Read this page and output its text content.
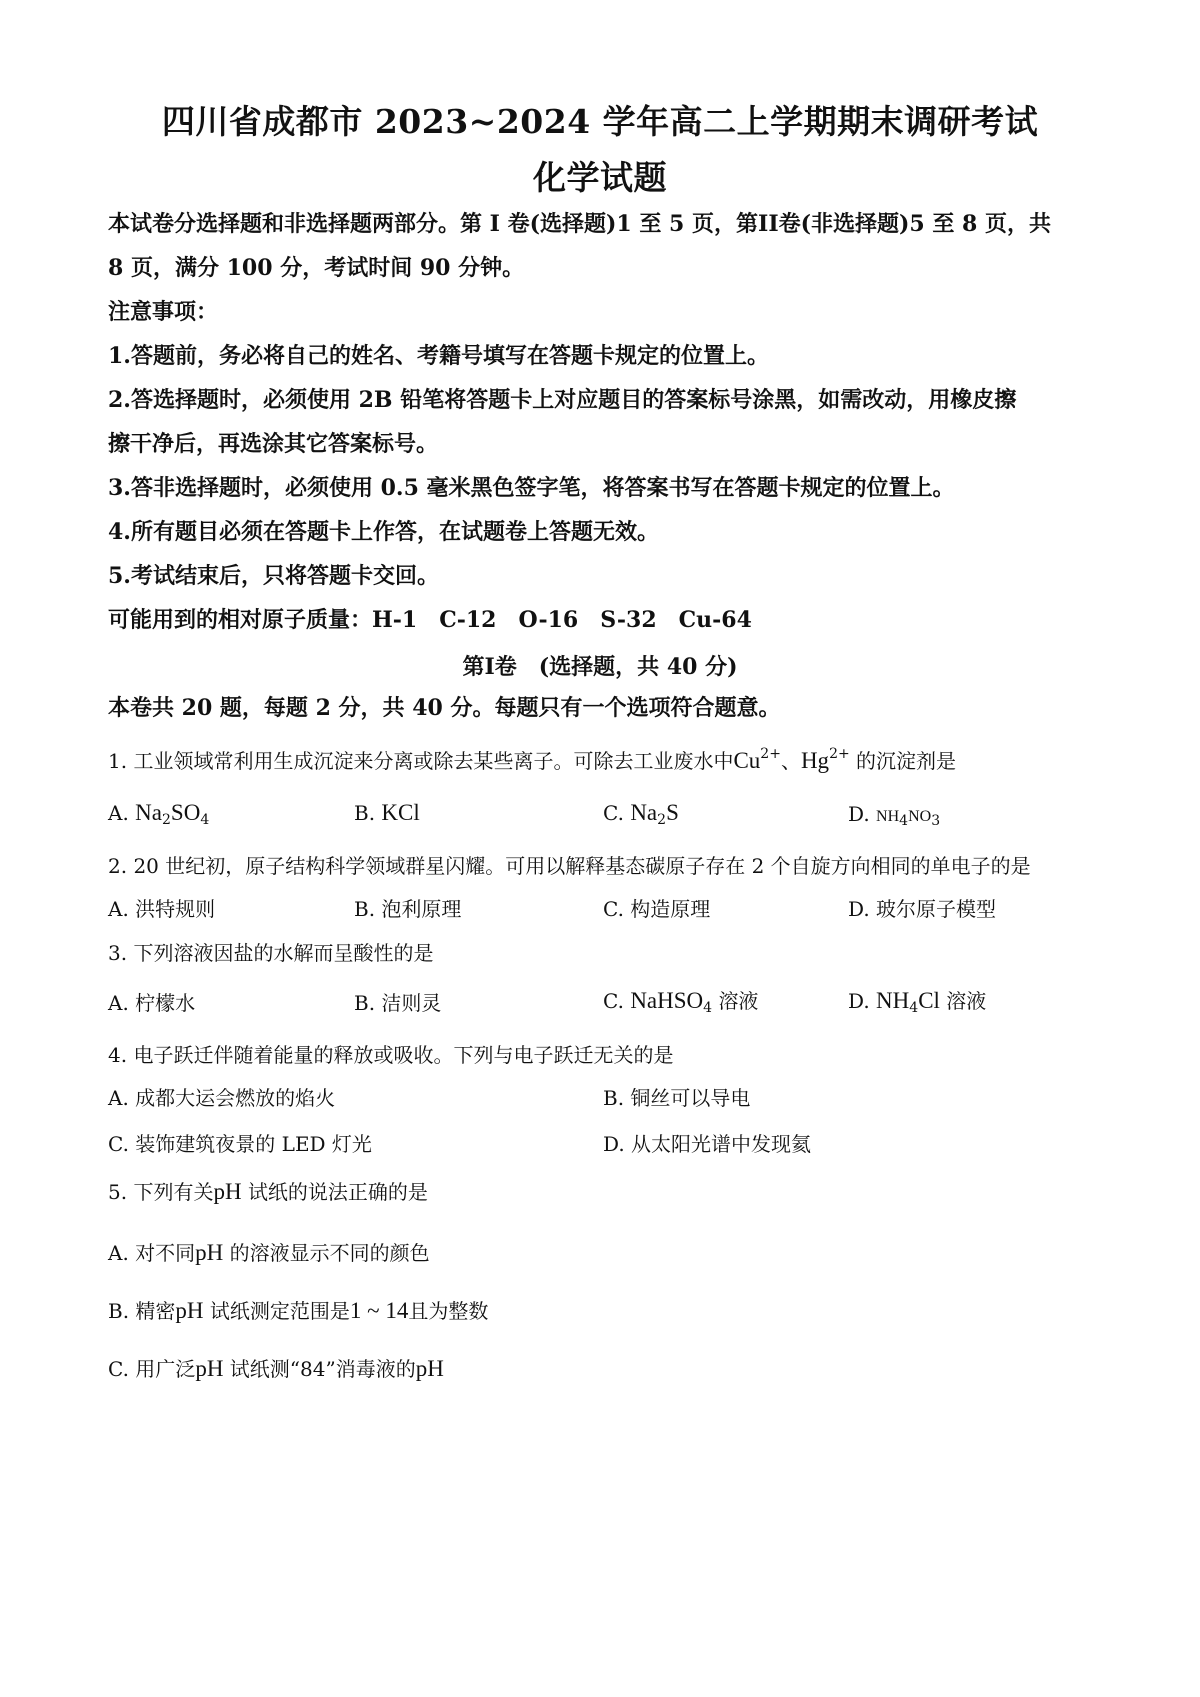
四川省成都市 2023~2024 学年高二上学期期末调研考试
化学试题

本试卷分选择题和非选择题两部分。第 I 卷(选择题)1 至 5 页，第II卷(非选择题)5 至 8 页，共

8 页，满分 100 分，考试时间 90 分钟。

注意事项：

1.答题前，务必将自己的姓名、考籍号填写在答题卡规定的位置上。

2.答选择题时，必须使用 2B 铅笔将答题卡上对应题目的答案标号涂黑，如需改动，用橡皮擦

擦干净后，再选涂其它答案标号。

3.答非选择题时，必须使用 0.5 毫米黑色签字笔，将答案书写在答题卡规定的位置上。

4.所有题目必须在答题卡上作答，在试题卷上答题无效。

5.考试结束后，只将答题卡交回。

可能用到的相对原子质量：H-1　C-12　O-16　S-32　Cu-64

第Ⅰ卷　(选择题，共 40 分)

本卷共 20 题，每题 2 分，共 40 分。每题只有一个选项符合题意。

1. 工业领域常利用生成沉淀来分离或除去某些离子。可除去工业废水中$Cu^{2+}$、$Hg^{2+}$ 的沉淀剂是
A. $Na_2SO_4$	B. KCl	C. $Na_2S$	D. $NH_4NO_3$
2. 20 世纪初，原子结构科学领域群星闪耀。可用以解释基态碳原子存在 2 个自旋方向相同的单电子的是
A. 洪特规则	B. 泡利原理	C. 构造原理	D. 玻尔原子模型
3. 下列溶液因盐的水解而呈酸性的是
A. 柠檬水	B. 洁则灵	C. NaHSO$_4$ 溶液	D. $NH_4Cl$ 溶液
4. 电子跃迁伴随着能量的释放或吸收。下列与电子跃迁无关的是
A. 成都大运会燃放的焰火	B. 铜丝可以导电
C. 装饰建筑夜景的 LED 灯光	D. 从太阳光谱中发现氦
5. 下列有关pH 试纸的说法正确的是
A. 对不同pH 的溶液显示不同的颜色
B. 精密pH 试纸测定范围是1 ~ 14且为整数
C. 用广泛pH 试纸测“84”消毒液的pH
